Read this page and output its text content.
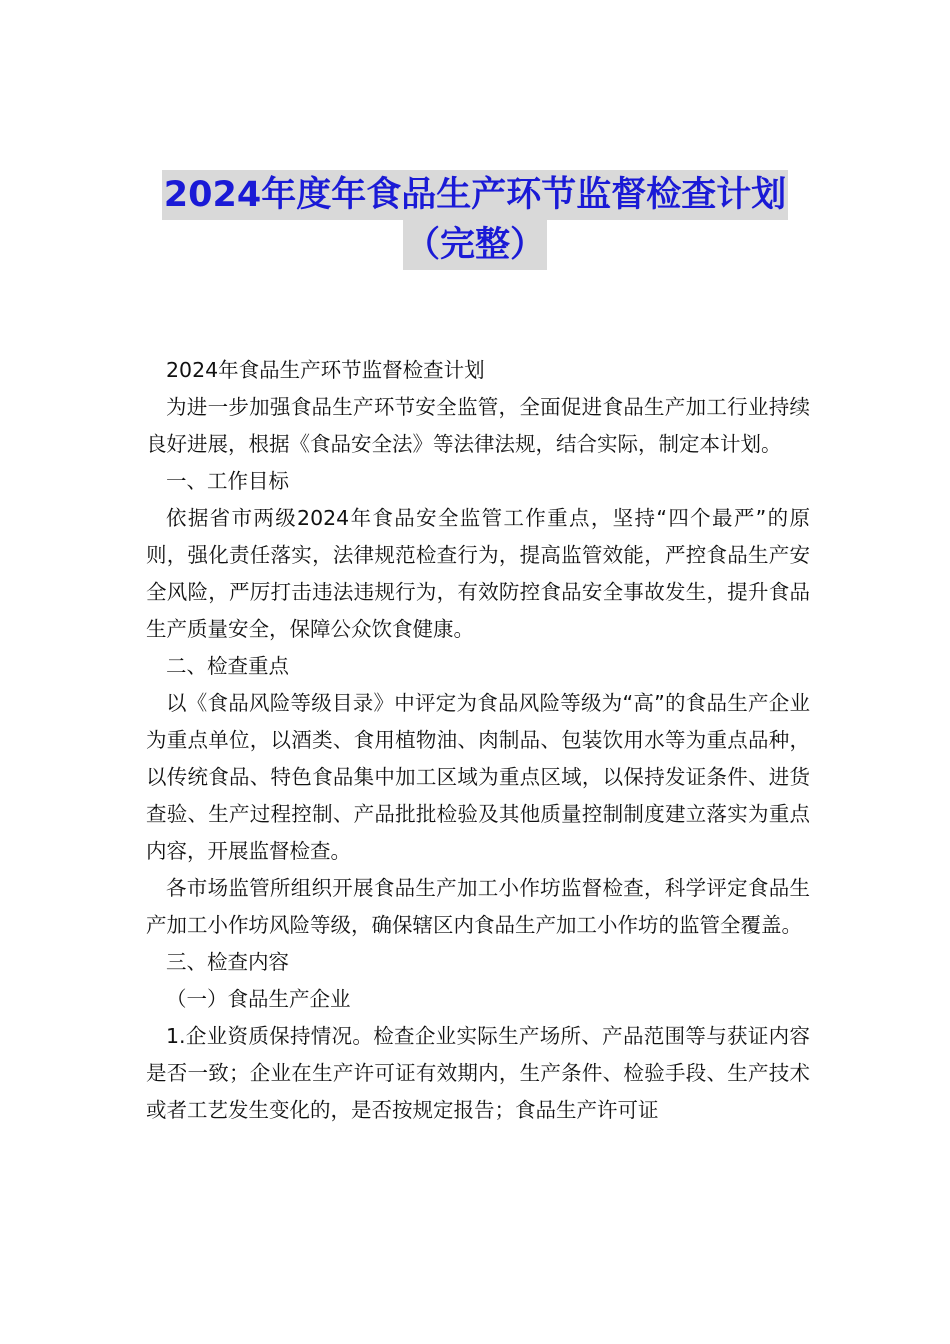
2024年度年食品生产环节监督检查计划
（完整）

2024年食品生产环节监督检查计划

为进一步加强食品生产环节安全监管，全面促进食品生产加工行业持续良好进展，根据《食品安全法》等法律法规，结合实际，制定本计划。

一、工作目标

依据省市两级2024年食品安全监管工作重点，坚持“四个最严”的原则，强化责任落实，法律规范检查行为，提高监管效能，严控食品生产安全风险，严厉打击违法违规行为，有效防控食品安全事故发生，提升食品生产质量安全，保障公众饮食健康。

二、检查重点

以《食品风险等级目录》中评定为食品风险等级为“高”的食品生产企业为重点单位，以酒类、食用植物油、肉制品、包装饮用水等为重点品种，以传统食品、特色食品集中加工区域为重点区域，以保持发证条件、进货查验、生产过程控制、产品批批检验及其他质量控制制度建立落实为重点内容，开展监督检查。

各市场监管所组织开展食品生产加工小作坊监督检查，科学评定食品生产加工小作坊风险等级，确保辖区内食品生产加工小作坊的监管全覆盖。

三、检查内容

（一）食品生产企业

1.企业资质保持情况。检查企业实际生产场所、产品范围等与获证内容是否一致；企业在生产许可证有效期内，生产条件、检验手段、生产技术或者工艺发生变化的，是否按规定报告；食品生产许可证
